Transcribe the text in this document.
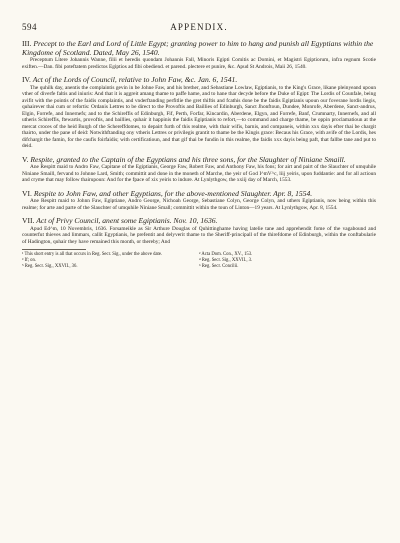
594	APPENDIX.

III. Precept to the Earl and Lord of Little Egypt; granting power to him to hang and punish all Egyptians within the Kingdome of Scotland. Dated, May 26, 1540.

Preceptum Litere Johannis Wanne, filii et heredis quondam Johannis Fall, Minoris Egipti Comitis ac Domini, et Magistri Egiptiorum, infra regnum Scotie exiften.—Dan. fibi poteftatem predictos Egiptios ad fibi obediend. et parend. plectere et punire, &c. Apud St Androis, Maii 26, 1540.

IV. Act of the Lords of Council, relative to John Faw, &c. Jan. 6, 1541.

The quhilk day, anentis the complaintis gevin in be Johne Faw, and his brether, and Sebastiane Lowlaw, Egiptianis, to the King's Grace, likane pleinyeand upoun vther of diverfe faltis and iniuris: And that it is aggreit amang thame to paffe hame, and to hane thar decyde before the Duke of Egipt: The Lordis of Counfale, being avifit with the pointis of the faidis complaintis, and vnderftanding perfitlie the gret thiftis and fcathis done be the faidis Egiptianis upoun our foverane lordis liegis, quhairever thai cum or refortis: Ordanis Lettres to be direct to the Provoftis and Baillies of Edinburgh, Sanct Jhonftoun, Dundee, Monrofe, Aberdene, Sanct-andrus, Elgin, Forrefe, and Innernefs; and to the Schireffis of Edinburgh, Fif, Perth, Forfar, Kincardin, Aberdene, Elgyn, and Forrefe, Banf, Crumnarty, Innernefs, and all utheris Schireffis, ftewartis, provoftis, and baillies, quhair it happinis the faidis Egiptianis to refort,—to command and charge thame, be oppin proclamatioun at the mercat croces of the heid Burgh of the Schereffdomes, to depairt furth of this realme, with thair wifis, barnis, and companeis, within xxx dayis efter thai be chargit thairto, under the pane of deid: Notwithftanding ony vtheris Lettres or privilegis grantit to thame be the Kingis grace: Becaus his Grace, with avife of the Lordis, hes difchargit the famin, for the caufis foirfaidis; with certificatioun, and that gif thai be fundin in this realme, the faidis xxx dayis being paft, that fallbe tane and put to deid.

V. Respite, granted to the Captain of the Egyptians and his three sons, for the Slaughter of Niniane Smaill.

Ane Respitt maid to Andro Faw, Capitane of the Egiptianis, George Faw, Robert Faw, and Anthony Faw, his fons; for airt and pairt of the Slauchter of umquhile Niniane Smaill, fervand to Johnne Lard, Smith; committit and done in the moneth of Marche, the yeir of God I^mV^c, liij yeiris, upon fuddantie: and for all actioun and cryme that may follow thairupoun: And for the fpace of xix yeiris to indure. At Lynlythgow, the xxiij day of March, 1553.

VI. Respite to John Faw, and other Egyptians, for the above-mentioned Slaughter. Apr. 8, 1554.

Ane Respitt maid to Johnn Faw, Egiptiane, Andro George, Nichoah George, Sebastiane Colyn, George Colyn, and uthers Egiptianis, now being within this realme; for arte and parte of the Slauchter of umquhile Niniane Small; committit within the toun of Linton—19 years. At Lynlythgow, Apr. 8, 1554.

VII. Act of Privy Council, anent some Egiptianis. Nov. 10, 1636.

Apud Ed^m, 10 Novembris, 1636. Forsameikle as Sir Arthure Douglas of Quhittinghame having latelie tane and apprehendit fome of the vagabound and counterfut thieves and limmars, callit Egyptianis, he prefentit and delyverit thame to the Sheriff-principall of the thirefdome of Edinburgh, within the conftabularie of Hadington, quhair they have remained this month, or thereby; And

¹ This short entry is all that occurs in Reg. Secr. Sig., under the above date.	² Acta Dom. Con., XV., 153.
³ If; on.	⁴ Reg. Secr. Sig., XXVII., 3.
⁵ Reg. Secr. Sig., XXVII., 36.	⁶ Reg. Secr. Concilii.
